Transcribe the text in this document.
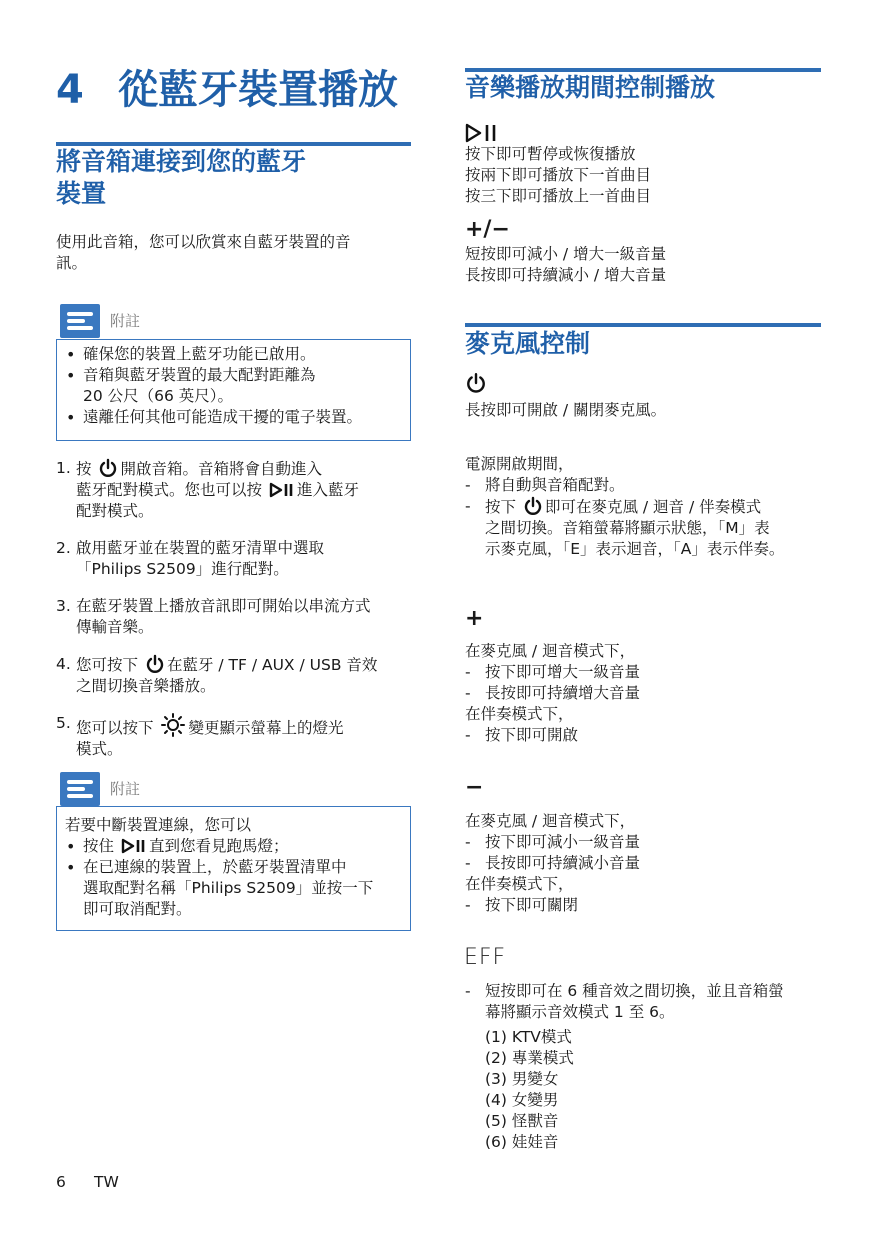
4 從藍牙裝置播放
將音箱連接到您的藍牙
裝置
使用此音箱，您可以欣賞來自藍牙裝置的音
訊。
附註
• 確保您的裝置上藍牙功能已啟用。
• 音箱與藍牙裝置的最大配對距離為
20 公尺（66 英尺）。
• 遠離任何其他可能造成干擾的電子裝置。
1. 按 開啟音箱。音箱將會自動進入
藍牙配對模式。您也可以按 進入藍牙
配對模式。
2. 啟用藍牙並在裝置的藍牙清單中選取
「Philips S2509」進行配對。
3. 在藍牙裝置上播放音訊即可開始以串流方式
傳輸音樂。
4. 您可按下 在藍牙 / TF / AUX / USB 音效
之間切換音樂播放。
5. 您可以按下 變更顯示螢幕上的燈光
模式。
附註
若要中斷裝置連線，您可以
• 按住 直到您看見跑馬燈；
• 在已連線的裝置上，於藍牙裝置清單中
選取配對名稱「Philips S2509」並按一下
即可取消配對。
音樂播放期間控制播放
按下即可暫停或恢復播放
按兩下即可播放下一首曲目
按三下即可播放上一首曲目
+/−
短按即可減小 / 增大一級音量
長按即可持續減小 / 增大音量
麥克風控制
長按即可開啟 / 關閉麥克風。
電源開啟期間，
- 將自動與音箱配對。
- 按下 即可在麥克風 / 迴音 / 伴奏模式
之間切換。音箱螢幕將顯示狀態，「M」表
示麥克風，「E」表示迴音，「A」表示伴奏。
+
在麥克風 / 迴音模式下，
- 按下即可增大一級音量
- 長按即可持續增大音量
在伴奏模式下，
- 按下即可開啟
−
在麥克風 / 迴音模式下，
- 按下即可減小一級音量
- 長按即可持續減小音量
在伴奏模式下，
- 按下即可關閉
EFF
- 短按即可在 6 種音效之間切換，並且音箱螢
幕將顯示音效模式 1 至 6。
(1) KTV模式
(2) 專業模式
(3) 男變女
(4) 女變男
(5) 怪獸音
(6) 娃娃音
6 TW
